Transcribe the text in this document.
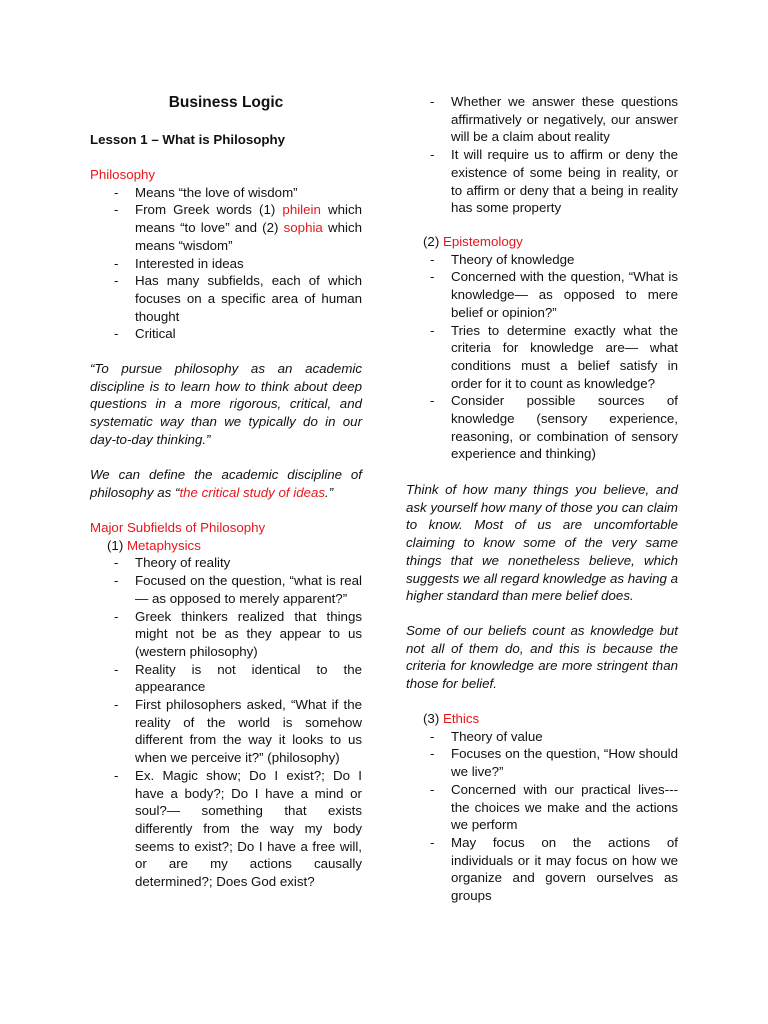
Business Logic

Lesson 1 – What is Philosophy

Philosophy

- Means “the love of wisdom”
- From Greek words (1) philein which means “to love” and (2) sophia which means “wisdom”
- Interested in ideas
- Has many subfields, each of which focuses on a specific area of human thought
- Critical

“To pursue philosophy as an academic discipline is to learn how to think about deep questions in a more rigorous, critical, and systematic way than we typically do in our day-to-day thinking.”

We can define the academic discipline of philosophy as “the critical study of ideas.”

Major Subfields of Philosophy

(1) Metaphysics

- Theory of reality
- Focused on the question, “what is real— as opposed to merely apparent?”
- Greek thinkers realized that things might not be as they appear to us (western philosophy)
- Reality is not identical to the appearance
- First philosophers asked, “What if the reality of the world is somehow different from the way it looks to us when we perceive it?” (philosophy)
- Ex. Magic show; Do I exist?; Do I have a body?; Do I have a mind or soul?— something that exists differently from the way my body seems to exist?; Do I have a free will, or are my actions causally determined?; Does God exist?
- Whether we answer these questions affirmatively or negatively, our answer will be a claim about reality
- It will require us to affirm or deny the existence of some being in reality, or to affirm or deny that a being in reality has some property

(2) Epistemology

- Theory of knowledge
- Concerned with the question, “What is knowledge— as opposed to mere belief or opinion?”
- Tries to determine exactly what the criteria for knowledge are— what conditions must a belief satisfy in order for it to count as knowledge?
- Consider possible sources of knowledge (sensory experience, reasoning, or combination of sensory experience and thinking)

Think of how many things you believe, and ask yourself how many of those you can claim to know. Most of us are uncomfortable claiming to know some of the very same things that we nonetheless believe, which suggests we all regard knowledge as having a higher standard than mere belief does.

Some of our beliefs count as knowledge but not all of them do, and this is because the criteria for knowledge are more stringent than those for belief.

(3) Ethics

- Theory of value
- Focuses on the question, “How should we live?”
- Concerned with our practical lives--- the choices we make and the actions we perform
- May focus on the actions of individuals or it may focus on how we organize and govern ourselves as groups
